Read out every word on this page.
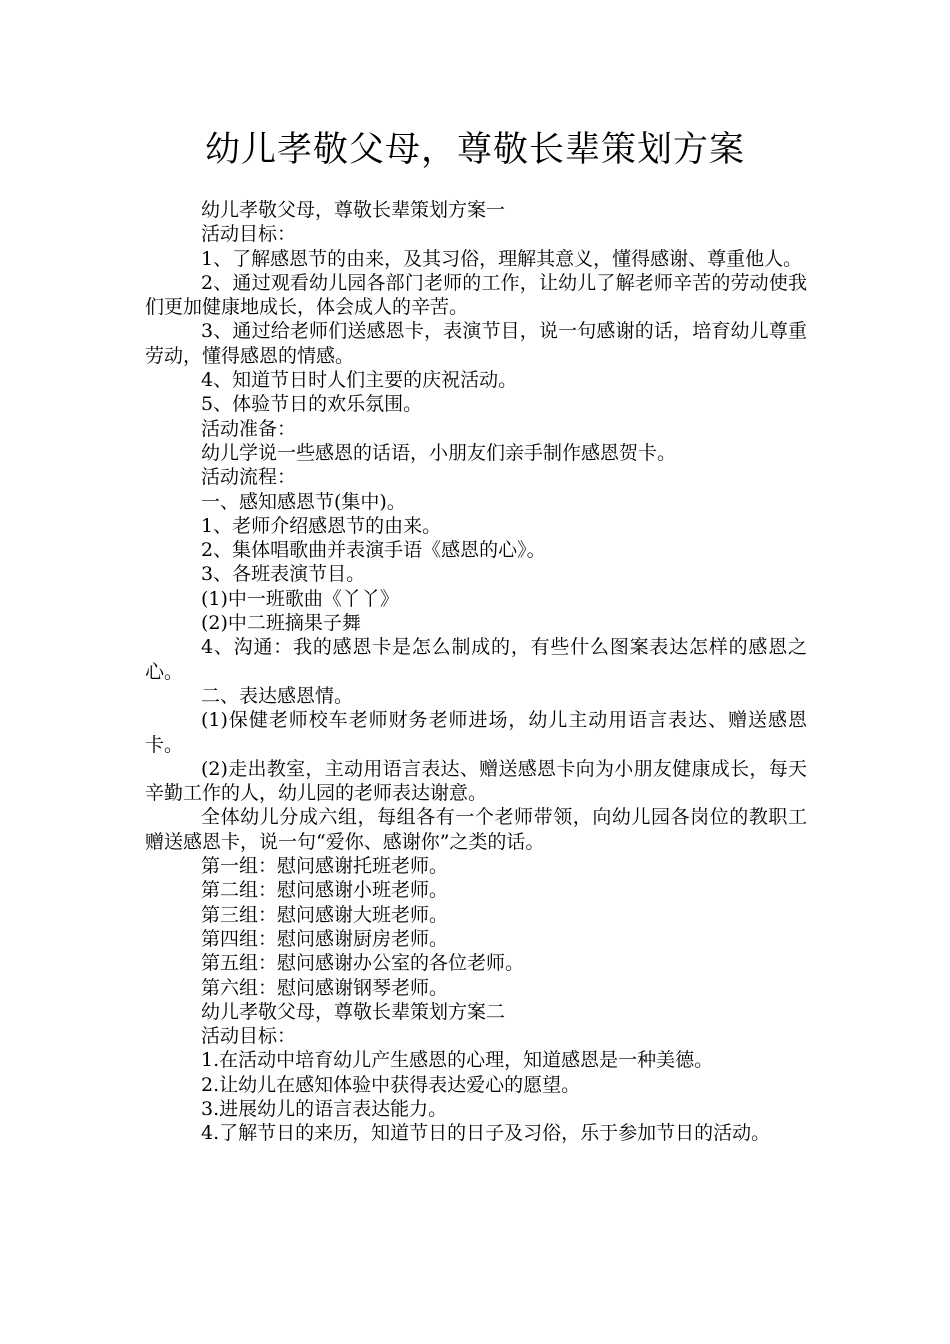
幼儿孝敬父母，尊敬长辈策划方案

幼儿孝敬父母，尊敬长辈策划方案一

活动目标：

1、了解感恩节的由来，及其习俗，理解其意义，懂得感谢、尊重他人。

2、通过观看幼儿园各部门老师的工作，让幼儿了解老师辛苦的劳动使我们更加健康地成长，体会成人的辛苦。

3、通过给老师们送感恩卡，表演节目，说一句感谢的话，培育幼儿尊重劳动，懂得感恩的情感。

4、知道节日时人们主要的庆祝活动。

5、体验节日的欢乐氛围。

活动准备：

幼儿学说一些感恩的话语，小朋友们亲手制作感恩贺卡。

活动流程：

一、感知感恩节(集中)。

1、老师介绍感恩节的由来。

2、集体唱歌曲并表演手语《感恩的心》。

3、各班表演节目。

(1)中一班歌曲《丫丫》

(2)中二班摘果子舞

4、沟通：我的感恩卡是怎么制成的，有些什么图案表达怎样的感恩之心。

二、表达感恩情。

(1)保健老师校车老师财务老师进场，幼儿主动用语言表达、赠送感恩卡。

(2)走出教室，主动用语言表达、赠送感恩卡向为小朋友健康成长，每天辛勤工作的人，幼儿园的老师表达谢意。

全体幼儿分成六组，每组各有一个老师带领，向幼儿园各岗位的教职工赠送感恩卡，说一句“爱你、感谢你”之类的话。

第一组：慰问感谢托班老师。

第二组：慰问感谢小班老师。

第三组：慰问感谢大班老师。

第四组：慰问感谢厨房老师。

第五组：慰问感谢办公室的各位老师。

第六组：慰问感谢钢琴老师。

幼儿孝敬父母，尊敬长辈策划方案二

活动目标：

1.在活动中培育幼儿产生感恩的心理，知道感恩是一种美德。

2.让幼儿在感知体验中获得表达爱心的愿望。

3.进展幼儿的语言表达能力。

4.了解节日的来历，知道节日的日子及习俗，乐于参加节日的活动。
